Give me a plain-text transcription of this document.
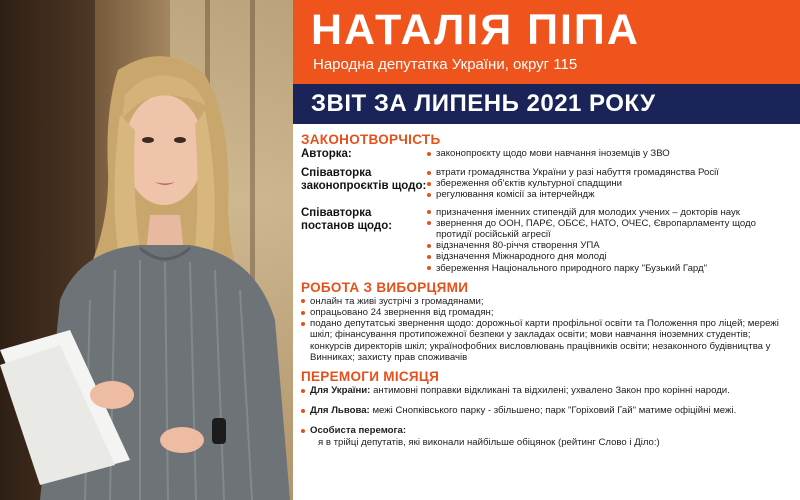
НАТАЛІЯ ПІПА
Народна депутатка України, округ 115
ЗВІТ ЗА ЛИПЕНЬ 2021 РОКУ
ЗАКОНОТВОРЧІСТЬ
Авторка:	законопроєкту щодо мови навчання іноземців у ЗВО
Співавторка законопроєктів щодо:
втрати громадянства України у разі набуття громадянства Росії
збереження об'єктів культурної спадщини
регулювання комісії за інтерчейндж
Співавторка постанов щодо:
призначення іменних стипендій для молодих учених – докторів наук
звернення до ООН, ПАРЄ, ОБСЄ, НАТО, ОЧЕС, Європарламенту щодо протидії російській агресії
відзначення 80-річчя створення УПА
відзначення Міжнародного дня молоді
збереження Національного природного парку "Бузький Гард"
РОБОТА З ВИБОРЦЯМИ
онлайн та живі зустрічі з громадянами;
опрацьовано 24 звернення від громадян;
подано депутатські звернення щодо: дорожньої карти профільної освіти та Положення про ліцей; мережі шкіл; фінансування протипожежної безпеки у закладах освіти; мови навчання іноземних студентів; конкурсів директорів шкіл; українофобних висловлювань працівників освіти; незаконного будівництва у Винниках; захисту прав споживачів
ПЕРЕМОГИ МІСЯЦЯ
Для України: антимовні поправки відкликані та відхилені; ухвалено Закон про корінні народи.
Для Львова: межі Снопківського парку - збільшено; парк "Горіховий Гай" матиме офіційні межі.
Особиста перемога:
я в трійці депутатів, які виконали найбільше обіцянок (рейтинг Слово і Діло:)
